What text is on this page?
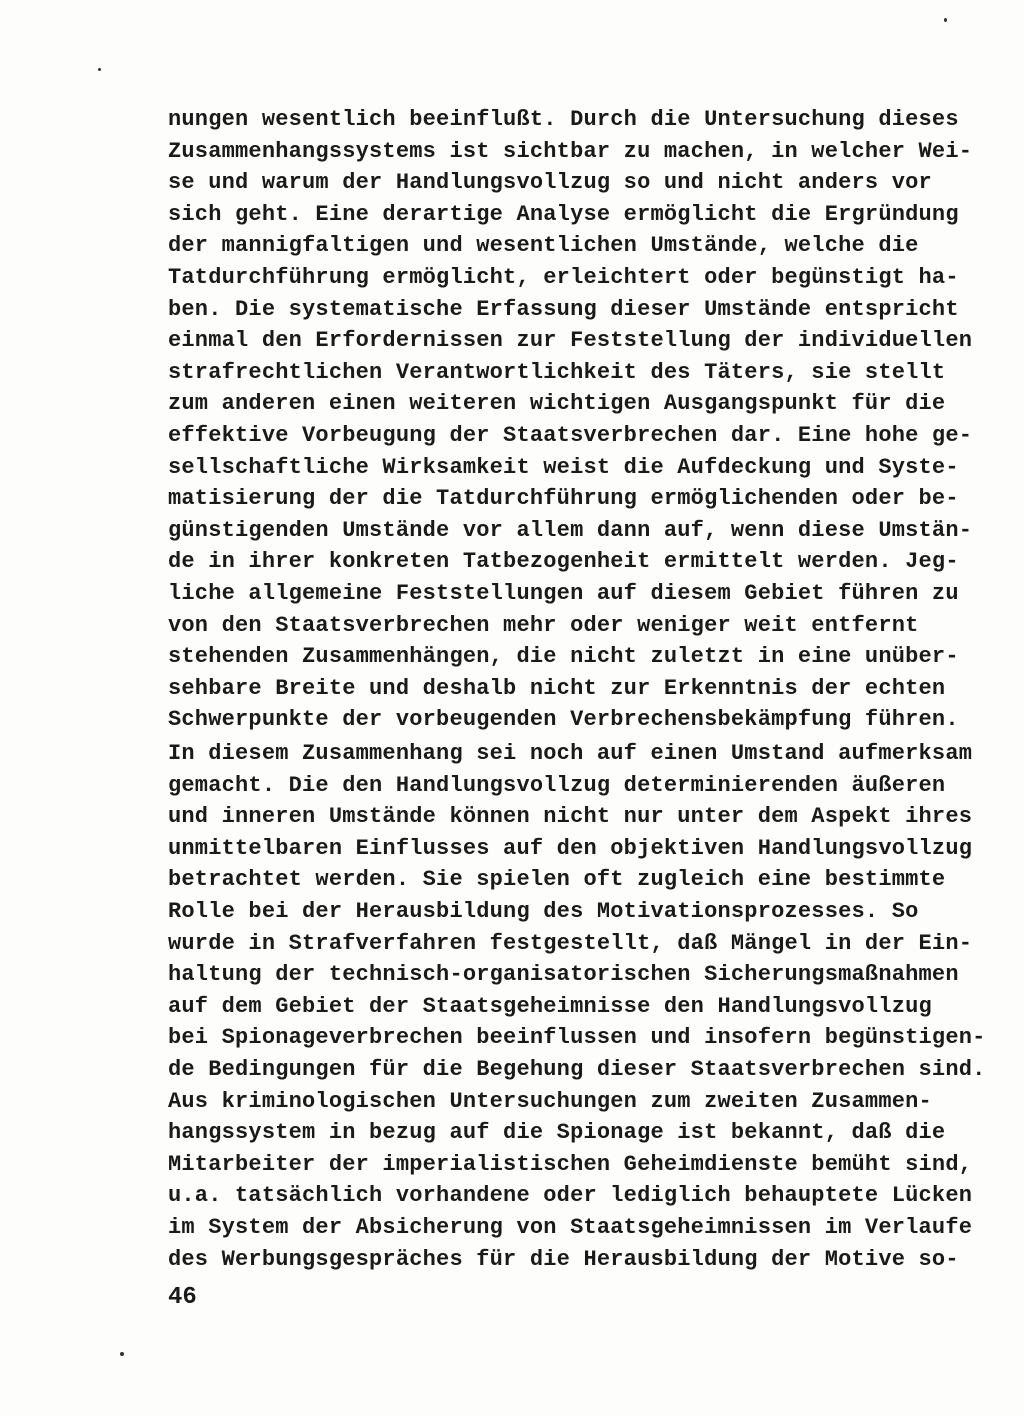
nungen wesentlich beeinflußt. Durch die Untersuchung dieses
Zusammenhangssystems ist sichtbar zu machen, in welcher Wei-
se und warum der Handlungsvollzug so und nicht anders vor
sich geht. Eine derartige Analyse ermöglicht die Ergründung
der mannigfaltigen und wesentlichen Umstände, welche die
Tatdurchführung ermöglicht, erleichtert oder begünstigt ha-
ben. Die systematische Erfassung dieser Umstände entspricht
einmal den Erfordernissen zur Feststellung der individuellen
strafrechtlichen Verantwortlichkeit des Täters, sie stellt
zum anderen einen weiteren wichtigen Ausgangspunkt für die
effektive Vorbeugung der Staatsverbrechen dar. Eine hohe ge-
sellschaftliche Wirksamkeit weist die Aufdeckung und Syste-
matisierung der die Tatdurchführung ermöglichenden oder be-
günstigenden Umstände vor allem dann auf, wenn diese Umstän-
de in ihrer konkreten Tatbezogenheit ermittelt werden. Jeg-
liche allgemeine Feststellungen auf diesem Gebiet führen zu
von den Staatsverbrechen mehr oder weniger weit entfernt
stehenden Zusammenhängen, die nicht zuletzt in eine unüber-
sehbare Breite und deshalb nicht zur Erkenntnis der echten
Schwerpunkte der vorbeugenden Verbrechensbekämpfung führen.
In diesem Zusammenhang sei noch auf einen Umstand aufmerksam
gemacht. Die den Handlungsvollzug determinierenden äußeren
und inneren Umstände können nicht nur unter dem Aspekt ihres
unmittelbaren Einflusses auf den objektiven Handlungsvollzug
betrachtet werden. Sie spielen oft zugleich eine bestimmte
Rolle bei der Herausbildung des Motivationsprozesses. So
wurde in Strafverfahren festgestellt, daß Mängel in der Ein-
haltung der technisch-organisatorischen Sicherungsmaßnahmen
auf dem Gebiet der Staatsgeheimnisse den Handlungsvollzug
bei Spionageverbrechen beeinflussen und insofern begünstigen-
de Bedingungen für die Begehung dieser Staatsverbrechen sind.
Aus kriminologischen Untersuchungen zum zweiten Zusammen-
hangssystem in bezug auf die Spionage ist bekannt, daß die
Mitarbeiter der imperialistischen Geheimdienste bemüht sind,
u.a. tatsächlich vorhandene oder lediglich behauptete Lücken
im System der Absicherung von Staatsgeheimnissen im Verlaufe
des Werbungsgespräches für die Herausbildung der Motive so-
46
